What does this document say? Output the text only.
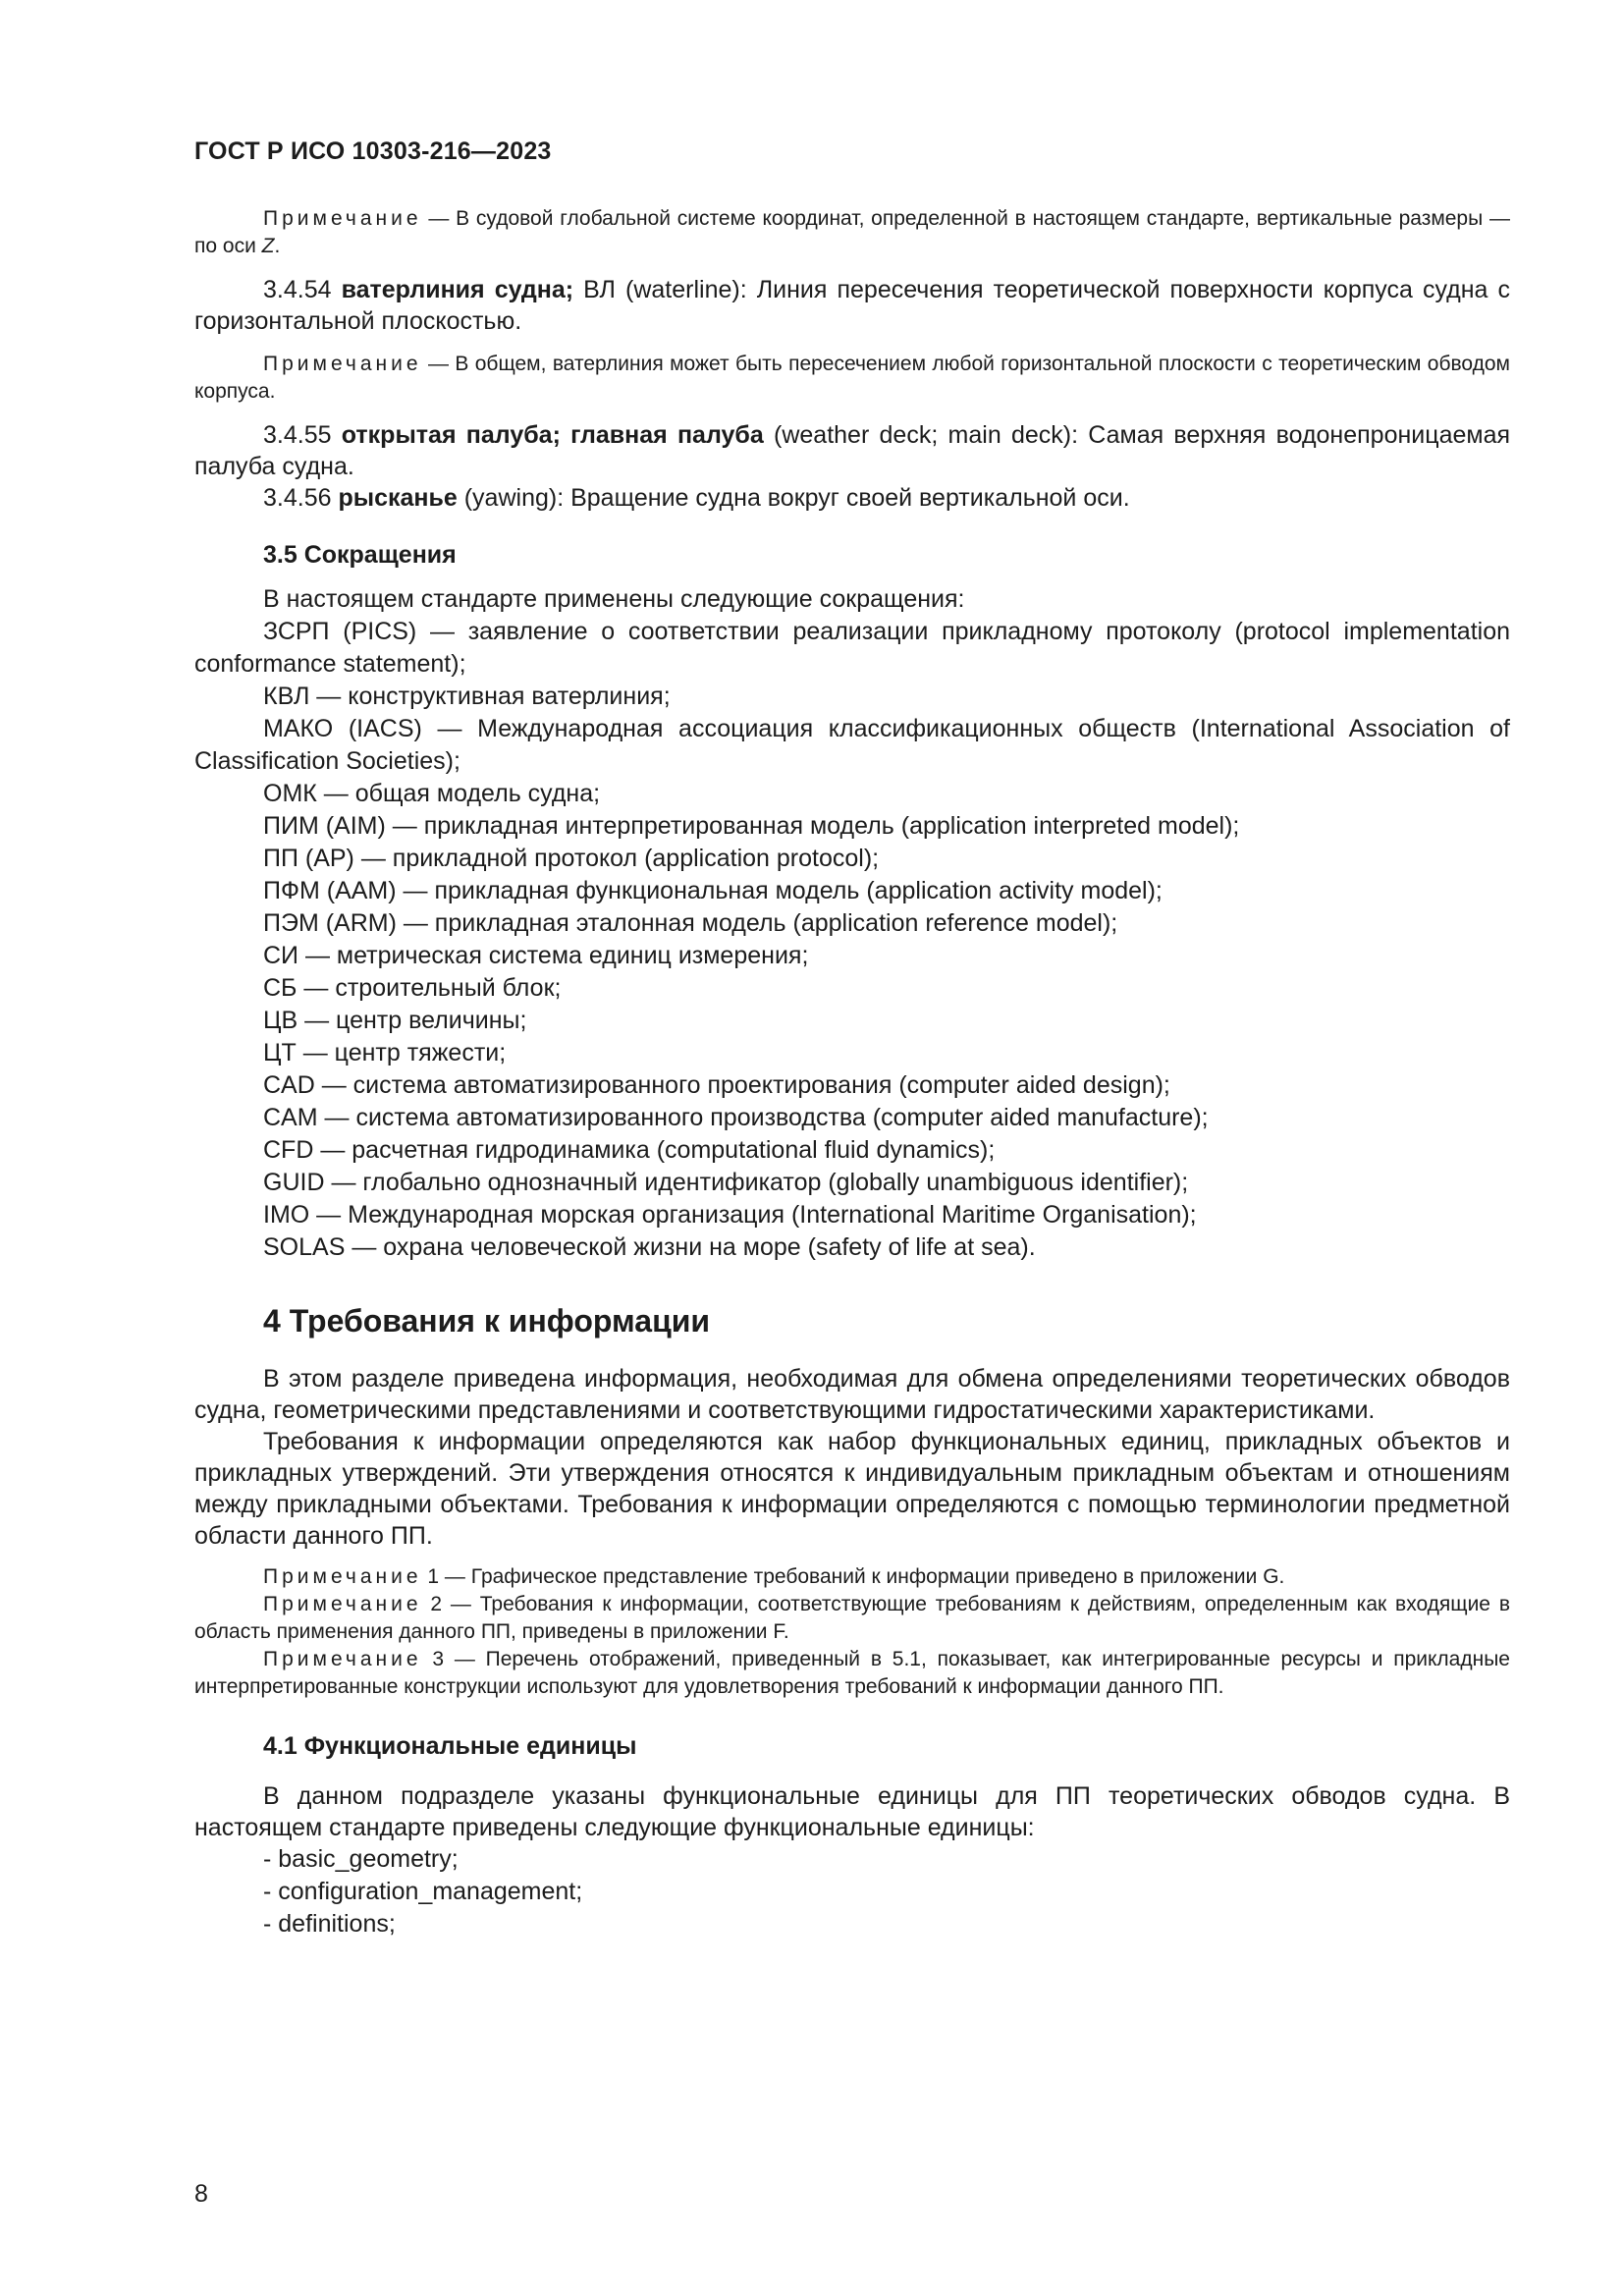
ГОСТ Р ИСО 10303-216—2023

Примечание — В судовой глобальной системе координат, определенной в настоящем стандарте, вертикальные размеры — по оси Z.

3.4.54 ватерлиния судна; ВЛ (waterline): Линия пересечения теоретической поверхности корпуса судна с горизонтальной плоскостью.

Примечание — В общем, ватерлиния может быть пересечением любой горизонтальной плоскости с теоретическим обводом корпуса.

3.4.55 открытая палуба; главная палуба (weather deck; main deck): Самая верхняя водонепроницаемая палуба судна.

3.4.56 рысканье (yawing): Вращение судна вокруг своей вертикальной оси.

3.5 Сокращения

В настоящем стандарте применены следующие сокращения:

ЗСРП (PICS) — заявление о соответствии реализации прикладному протоколу (protocol implementation conformance statement);

КВЛ — конструктивная ватерлиния;

МАКО (IACS) — Международная ассоциация классификационных обществ (International Association of Classification Societies);

ОМК — общая модель судна;

ПИМ (AIM) — прикладная интерпретированная модель (application interpreted model);

ПП (AP) — прикладной протокол (application protocol);

ПФМ (AAM) — прикладная функциональная модель (application activity model);

ПЭМ (ARM) — прикладная эталонная модель (application reference model);

СИ — метрическая система единиц измерения;

СБ — строительный блок;

ЦВ — центр величины;

ЦТ — центр тяжести;

CAD — система автоматизированного проектирования (computer aided design);

CAM — система автоматизированного производства (computer aided manufacture);

CFD — расчетная гидродинамика (computational fluid dynamics);

GUID — глобально однозначный идентификатор (globally unambiguous identifier);

IMO — Международная морская организация (International Maritime Organisation);

SOLAS — охрана человеческой жизни на море (safety of life at sea).

4 Требования к информации

В этом разделе приведена информация, необходимая для обмена определениями теоретических обводов судна, геометрическими представлениями и соответствующими гидростатическими характеристиками.

Требования к информации определяются как набор функциональных единиц, прикладных объектов и прикладных утверждений. Эти утверждения относятся к индивидуальным прикладным объектам и отношениям между прикладными объектами. Требования к информации определяются с помощью терминологии предметной области данного ПП.

Примечание 1 — Графическое представление требований к информации приведено в приложении G.

Примечание 2 — Требования к информации, соответствующие требованиям к действиям, определенным как входящие в область применения данного ПП, приведены в приложении F.

Примечание 3 — Перечень отображений, приведенный в 5.1, показывает, как интегрированные ресурсы и прикладные интерпретированные конструкции используют для удовлетворения требований к информации данного ПП.

4.1 Функциональные единицы

В данном подразделе указаны функциональные единицы для ПП теоретических обводов судна. В настоящем стандарте приведены следующие функциональные единицы:

- basic_geometry;

- configuration_management;

- definitions;

8
